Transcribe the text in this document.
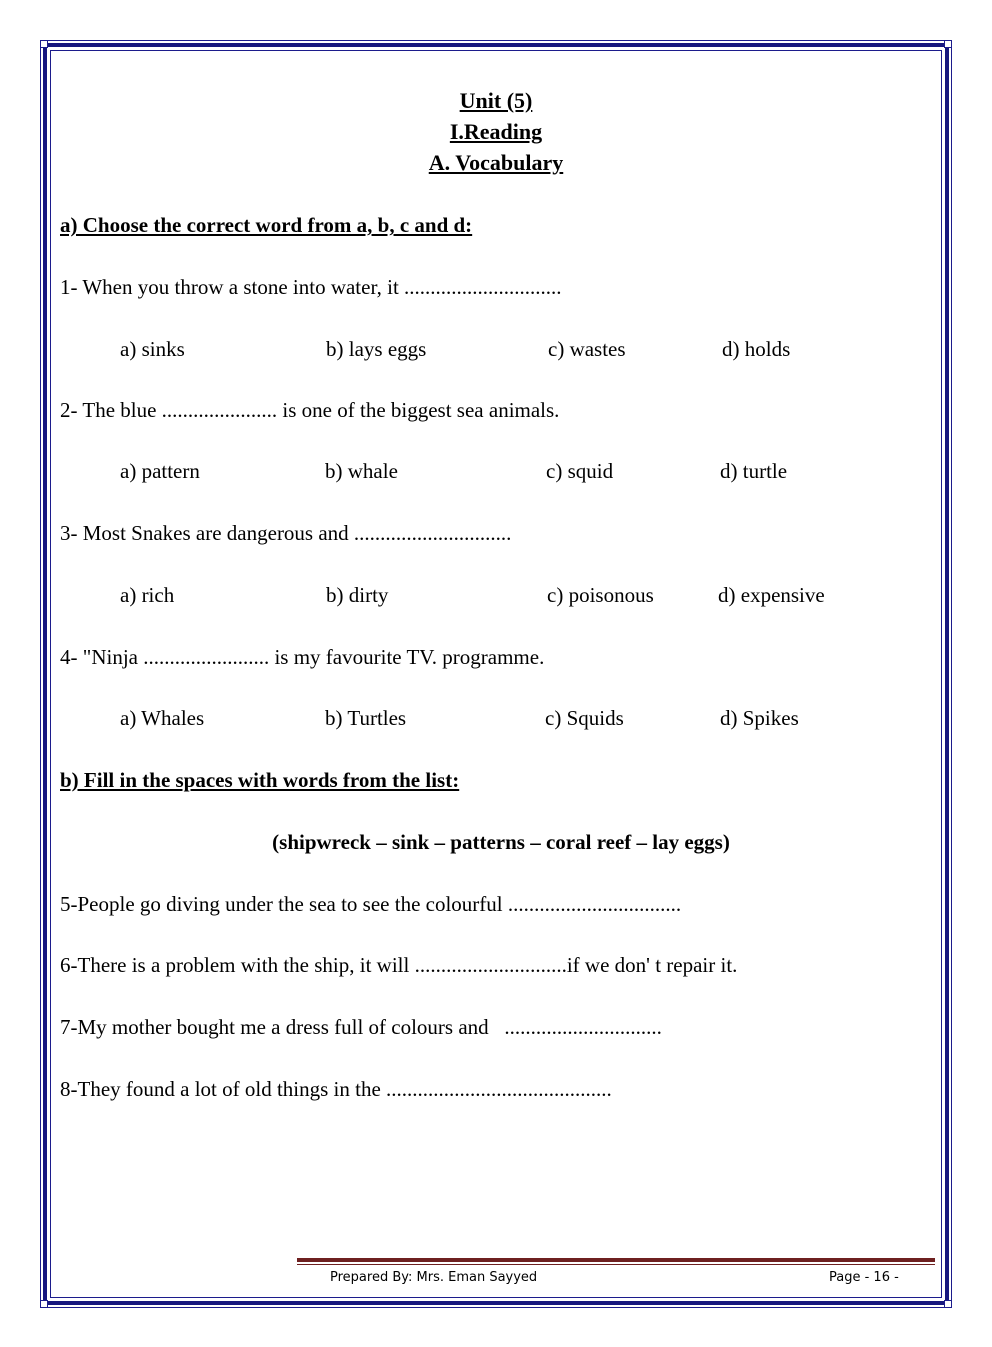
Unit (5)
I.Reading
A. Vocabulary
a) Choose the correct word from a, b, c and d:
1- When you throw a stone into water, it ..............................
a) sinks	b) lays eggs	c) wastes	d) holds
2- The blue ...................... is one of the biggest sea animals.
a) pattern	b) whale	c) squid	d) turtle
3- Most Snakes are dangerous and ..............................
a) rich	b) dirty	c) poisonous	d) expensive
4- "Ninja ........................ is my favourite TV. programme.
a) Whales	b) Turtles	c) Squids	d) Spikes
b) Fill in the spaces with words from the list:
(shipwreck – sink – patterns – coral reef – lay eggs)
5-People go diving under the sea to see the colourful .................................
6-There is a problem with the ship, it will .............................if we don' t repair it.
7-My mother bought me a dress full of colours and   ..............................
8-They found a lot of old things in the ...........................................
Prepared By: Mrs. Eman Sayyed	Page - 16 -
